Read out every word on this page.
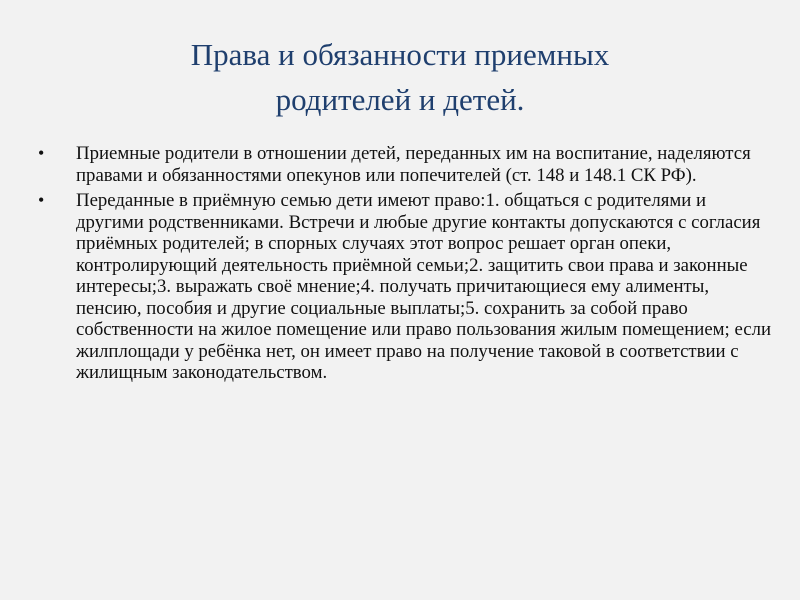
Права и обязанности приемных
родителей и детей.
• Приемные родители в отношении детей, переданных им на воспитание, наделяются правами и обязанностями опекунов или попечителей (ст. 148 и 148.1 СК РФ).
• Переданные в приёмную семью дети имеют право:1. общаться с родителями и другими родственниками. Встречи и любые другие контакты допускаются с согласия приёмных родителей; в спорных случаях этот вопрос решает орган опеки, контролирующий деятельность приёмной семьи;2. защитить свои права и законные интересы;3. выражать своё мнение;4. получать причитающиеся ему алименты, пенсию, пособия и другие социальные выплаты;5. сохранить за собой право собственности на жилое помещение или право пользования жилым помещением; если жилплощади у ребёнка нет, он имеет право на получение таковой в соответствии с жилищным законодательством.
